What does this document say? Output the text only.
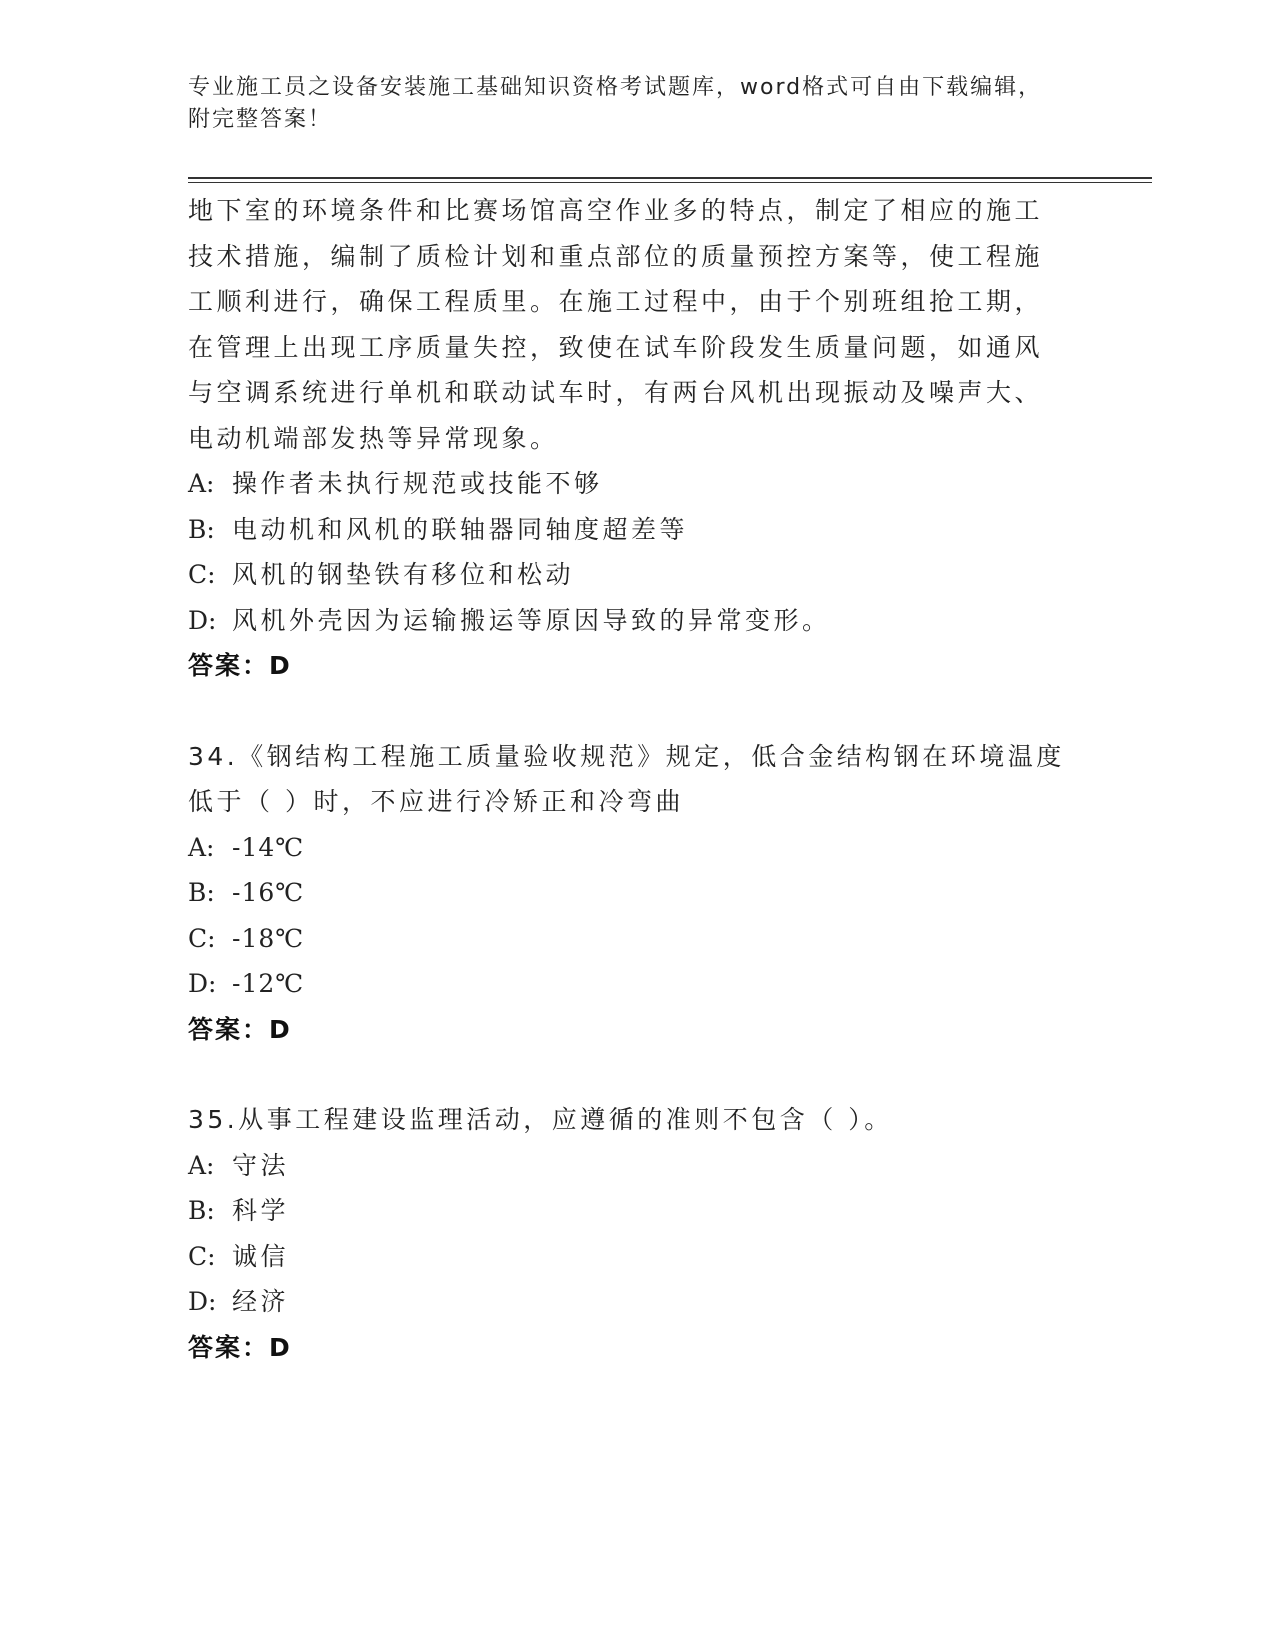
专业施工员之设备安装施工基础知识资格考试题库，word格式可自由下载编辑，
附完整答案！
地下室的环境条件和比赛场馆高空作业多的特点，制定了相应的施工
技术措施，编制了质检计划和重点部位的质量预控方案等，使工程施
工顺利进行，确保工程质里。在施工过程中，由于个别班组抢工期，
在管理上出现工序质量失控，致使在试车阶段发生质量问题，如通风
与空调系统进行单机和联动试车时，有两台风机出现振动及噪声大、
电动机端部发热等异常现象。
A: 操作者未执行规范或技能不够
B: 电动机和风机的联轴器同轴度超差等
C: 风机的钢垫铁有移位和松动
D: 风机外壳因为运输搬运等原因导致的异常变形。
答案：D
34.《钢结构工程施工质量验收规范》规定，低合金结构钢在环境温度
低于（ ）时，不应进行冷矫正和冷弯曲
A: -14℃
B: -16℃
C: -18℃
D: -12℃
答案：D
35.从事工程建设监理活动，应遵循的准则不包含（ ）。
A: 守法
B: 科学
C: 诚信
D: 经济
答案：D
